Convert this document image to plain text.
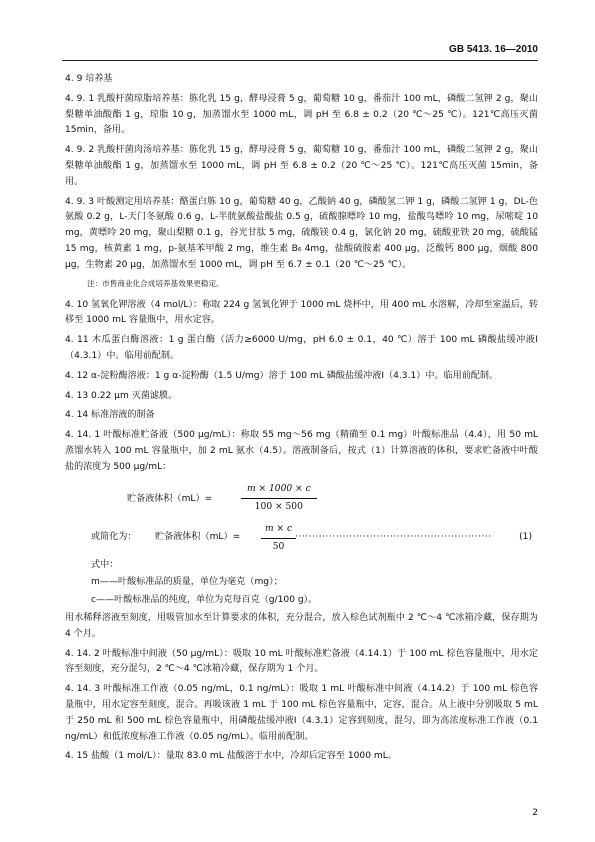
GB 5413. 16—2010

4. 9 培养基

4. 9. 1 乳酸杆菌琼脂培养基：胨化乳 15 g，酵母浸膏 5 g，葡萄糖 10 g，番茄汁 100 mL，磷酸二氢钾 2 g，聚山梨糖单油酸酯 1 g，琼脂 10 g，加蒸馏水至 1000 mL，调 pH 至 6.8 ± 0.2（20 ℃～25 ℃）。121℃高压灭菌 15min，备用。

4. 9. 2 乳酸杆菌肉汤培养基：胨化乳 15 g，酵母浸膏 5 g，葡萄糖 10 g，番茄汁 100 mL，磷酸二氢钾 2 g，聚山梨糖单油酸酯 1 g，加蒸馏水至 1000 mL，调 pH 至 6.8 ± 0.2（20 ℃～25 ℃）。121℃高压灭菌 15min，备用。

4. 9. 3 叶酸测定用培养基：酪蛋白胨 10 g，葡萄糖 40 g，乙酸钠 40 g，磷酸氢二钾 1 g，磷酸二氢钾 1 g，DL-色氨酸 0.2 g，L-天门冬氨酸 0.6 g，L-半胱氨酸盐酸盐 0.5 g，硫酸腺嘌呤 10 mg，盐酸鸟嘌呤 10 mg，尿嘧啶 10 mg，黄嘌呤 20 mg，聚山梨糖 0.1 g，谷光甘肽 5 mg，硫酸镁 0.4 g，氯化钠 20 mg，硫酸亚铁 20 mg，硫酸锰 15 mg，核黄素 1 mg，p-氨基苯甲酸 2 mg，维生素 B₆ 4mg，盐酸硫胺素 400 μg，泛酸钙 800 μg，烟酸 800 μg，生物素 20 μg，加蒸馏水至 1000 mL，调 pH 至 6.7 ± 0.1（20 ℃～25 ℃）。

注：市售商业化合成培养基效果更稳定。

4. 10 氢氧化钾溶液（4 mol/L）：称取 224 g 氢氧化钾于 1000 mL 烧杯中，用 400 mL 水溶解，冷却至室温后，转移至 1000 mL 容量瓶中，用水定容。

4. 11 木瓜蛋白酶溶液：1 g 蛋白酶（活力≥6000 U/mg，pH 6.0 ± 0.1，40 ℃）溶于 100 mL 磷酸盐缓冲液Ⅰ（4.3.1）中。临用前配制。

4. 12 α-淀粉酶溶液：1 g α-淀粉酶（1.5 U/mg）溶于 100 mL 磷酸盐缓冲液Ⅰ（4.3.1）中。临用前配制。

4. 13 0.22 μm 灭菌滤膜。

4. 14 标准溶液的制备

4. 14. 1 叶酸标准贮备液（500 μg/mL）：称取 55 mg～56 mg（精确至 0.1 mg）叶酸标准品（4.4），用 50 mL 蒸馏水转入 100 mL 容量瓶中，加 2 mL 氨水（4.5）。溶液制备后，按式（1）计算溶液的体积，要求贮备液中叶酸盐的浓度为 500 μg/mL：

贮备液体积（mL）=
m × 1000 × c
100 × 500
或简化为： 贮备液体积（mL）=
m × c
50
··························································	(1)

式中：

m——叶酸标准品的质量，单位为毫克（mg）；

c——叶酸标准品的纯度，单位为克每百克（g/100 g）。

用水稀释溶液至刻度，用吸管加水至计算要求的体积，充分混合，放入棕色试剂瓶中 2 ℃～4 ℃冰箱冷藏，保存期为 4 个月。

4. 14. 2 叶酸标准中间液（50 μg/mL）：吸取 10 mL 叶酸标准贮备液（4.14.1）于 100 mL 棕色容量瓶中，用水定容至刻度，充分混匀，2 ℃～4 ℃冰箱冷藏，保存期为 1 个月。

4. 14. 3 叶酸标准工作液（0.05 ng/mL，0.1 ng/mL）：吸取 1 mL 叶酸标准中间液（4.14.2）于 100 mL 棕色容量瓶中，用水定容至刻度，混合。再吸该液 1 mL 于 100 mL 棕色容量瓶中，定容，混合。从上液中分别吸取 5 mL 于 250 mL 和 500 mL 棕色容量瓶中，用磷酸盐缓冲液Ⅰ（4.3.1）定容到刻度，混匀，即为高浓度标准工作液（0.1 ng/mL）和低浓度标准工作液（0.05 ng/mL）。临用前配制。

4. 15 盐酸（1 mol/L）：量取 83.0 mL 盐酸溶于水中，冷却后定容至 1000 mL。

2
